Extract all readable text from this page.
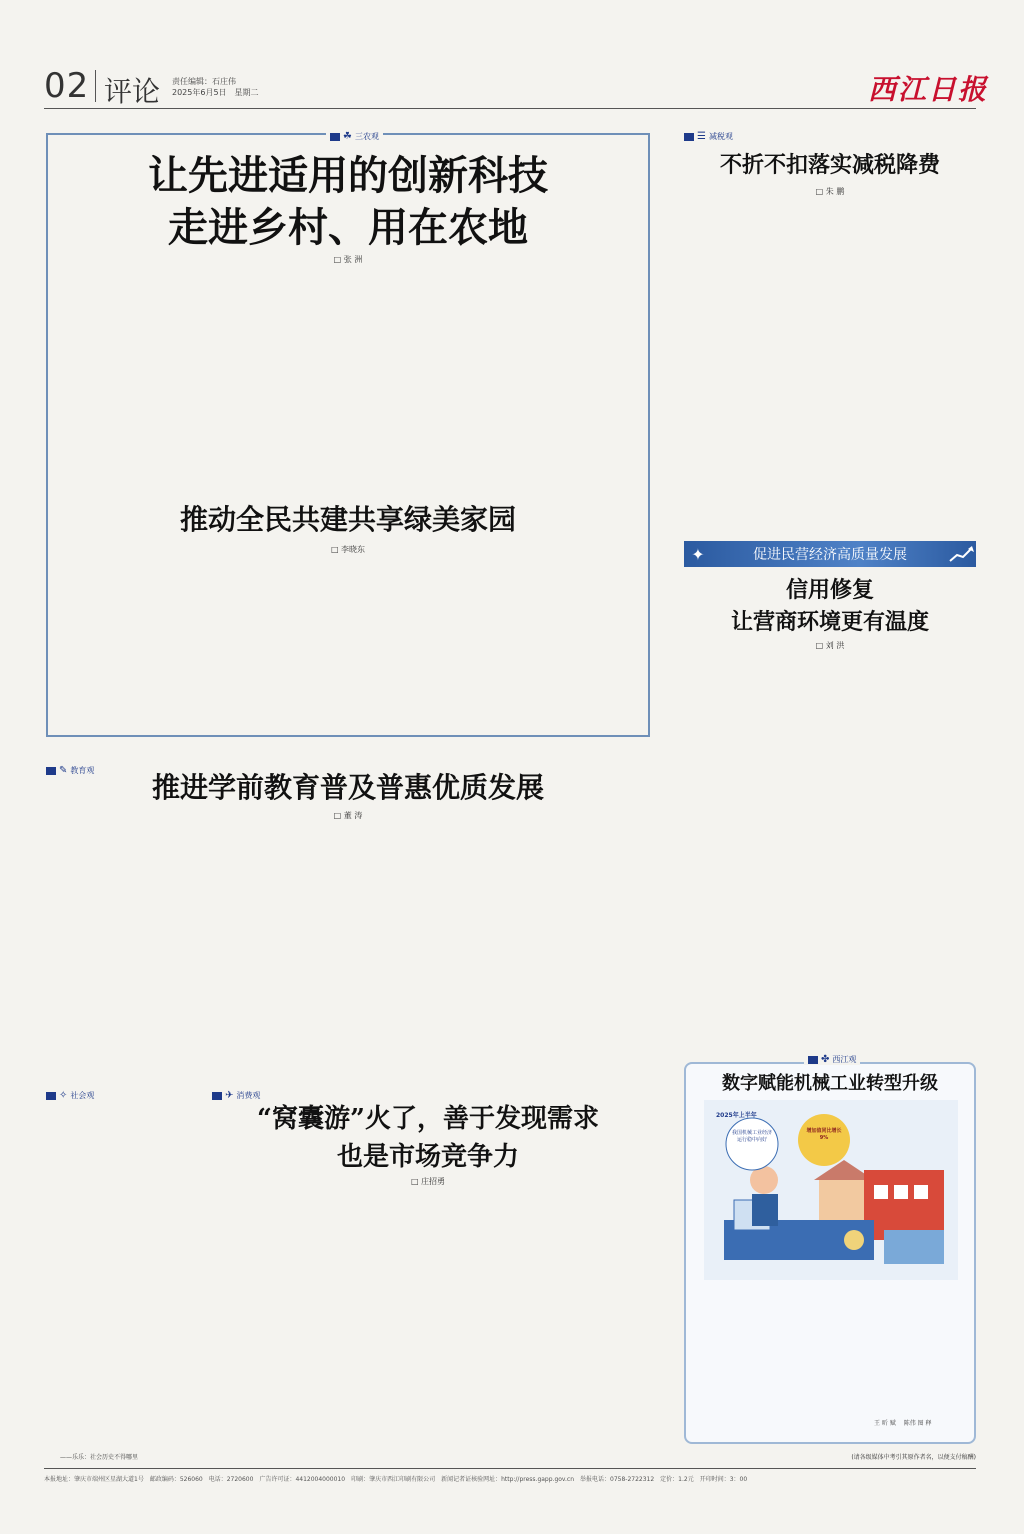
02 评论 责任编辑：石庄伟
2025年6月5日　星期二	西江日报
☘ 三农观
让先进适用的创新科技
走进乡村、用在农地
□ 张 洲
推动全民共建共享绿美家园
□ 李晓东
☰ 减税观
不折不扣落实减税降费
□ 朱 鹏
✦	促进民营经济高质量发展
信用修复
让营商环境更有温度
□ 刘 洪
✎ 教育观
推进学前教育普及普惠优质发展
□ 董 涛
✧ 社会观
——乐乐：社会历史不得哪里
✈ 消费观
“窝囊游”火了，善于发现需求
也是市场竞争力
□ 庄招勇
✤ 西江观
数字赋能机械工业转型升级
2025年上半年
我国机械工业经济运行稳中向好
增加值同比增长9%
王 昕 赋　 陈伟 图 释
(请各级媒体中考引其原作者名，以便支付稿酬)
本报地址：肇庆市端州区星湖大道1号　邮政编码：526060　电话：2720600　广告许可证：4412004000010　印刷：肇庆市西江印刷有限公司　新闻记者证核验网址：http://press.gapp.gov.cn　举报电话：0758-2722312　定价：1.2元　开印时间：3：00
